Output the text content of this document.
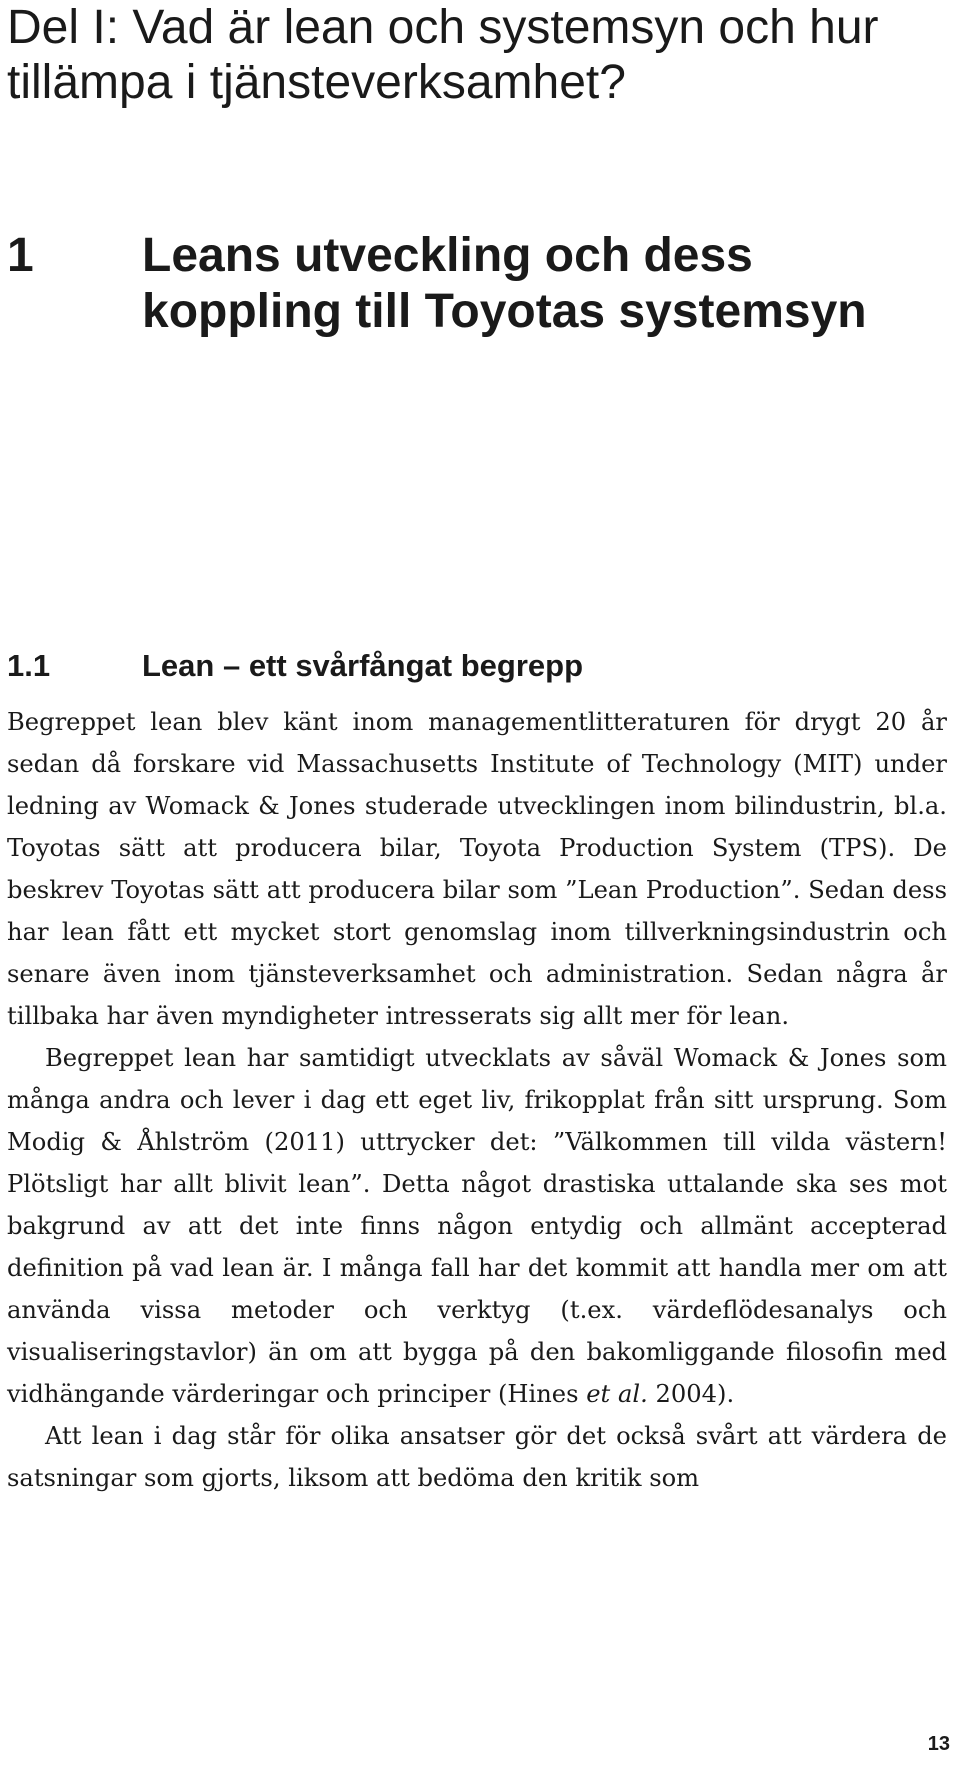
Del I: Vad är lean och systemsyn och hur tillämpa i tjänsteverksamhet?
1 Leans utveckling och dess koppling till Toyotas systemsyn
1.1	Lean – ett svårfångat begrepp

Begreppet lean blev känt inom managementlitteraturen för drygt 20 år sedan då forskare vid Massachusetts Institute of Technology (MIT) under ledning av Womack & Jones studerade utvecklingen inom bilindustrin, bl.a. Toyotas sätt att producera bilar, Toyota Production System (TPS). De beskrev Toyotas sätt att producera bilar som ”Lean Production”. Sedan dess har lean fått ett mycket stort genomslag inom tillverkningsindustrin och senare även inom tjänsteverksamhet och administration. Sedan några år tillbaka har även myndigheter intresserats sig allt mer för lean.

Begreppet lean har samtidigt utvecklats av såväl Womack & Jones som många andra och lever i dag ett eget liv, frikopplat från sitt ursprung. Som Modig & Åhlström (2011) uttrycker det: ”Välkommen till vilda västern! Plötsligt har allt blivit lean”. Detta något drastiska uttalande ska ses mot bakgrund av att det inte finns någon entydig och allmänt accepterad definition på vad lean är. I många fall har det kommit att handla mer om att använda vissa metoder och verktyg (t.ex. värdeflödesanalys och visualiseringstavlor) än om att bygga på den bakomliggande filosofin med vidhängande värderingar och principer (Hines et al. 2004).

Att lean i dag står för olika ansatser gör det också svårt att värdera de satsningar som gjorts, liksom att bedöma den kritik som

13
